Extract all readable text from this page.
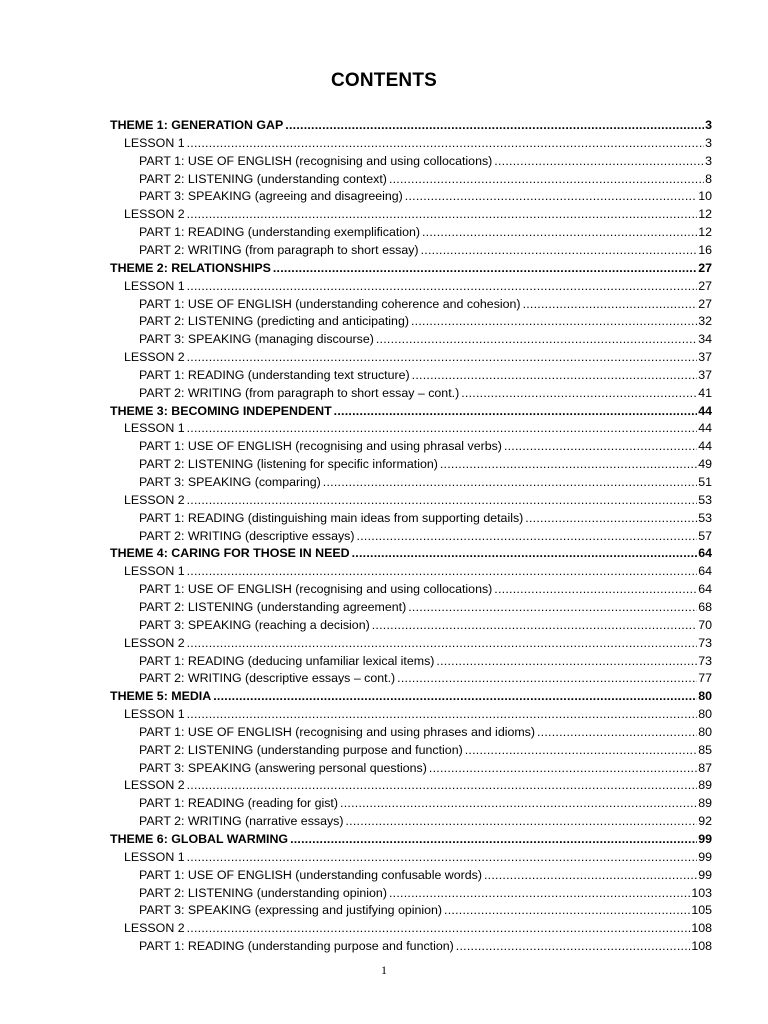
CONTENTS
THEME 1: GENERATION GAP . . .	3
LESSON 1 . . .	3
PART 1: USE OF ENGLISH (recognising and using collocations) . . .	3
PART 2: LISTENING (understanding context) . . .	8
PART 3: SPEAKING (agreeing and disagreeing) . . .	10
LESSON 2 . . .	12
PART 1: READING (understanding exemplification) . . .	12
PART 2: WRITING (from paragraph to short essay) . . .	16
THEME 2: RELATIONSHIPS . . .	27
LESSON 1 . . .	27
PART 1: USE OF ENGLISH (understanding coherence and cohesion) . . .	27
PART 2: LISTENING (predicting and anticipating) . . .	32
PART 3: SPEAKING (managing discourse) . . .	34
LESSON 2 . . .	37
PART 1: READING (understanding text structure) . . .	37
PART 2: WRITING (from paragraph to short essay – cont.) . . .	41
THEME 3: BECOMING INDEPENDENT . . .	44
LESSON 1 . . .	44
PART 1: USE OF ENGLISH (recognising and using phrasal verbs) . . .	44
PART 2: LISTENING (listening for specific information) . . .	49
PART 3: SPEAKING (comparing) . . .	51
LESSON 2 . . .	53
PART 1: READING (distinguishing main ideas from supporting details) . . .	53
PART 2: WRITING (descriptive essays) . . .	57
THEME 4: CARING FOR THOSE IN NEED . . .	64
LESSON 1 . . .	64
PART 1: USE OF ENGLISH (recognising and using collocations) . . .	64
PART 2: LISTENING (understanding agreement) . . .	68
PART 3: SPEAKING (reaching a decision) . . .	70
LESSON 2 . . .	73
PART 1: READING (deducing unfamiliar lexical items) . . .	73
PART 2: WRITING (descriptive essays – cont.) . . .	77
THEME 5: MEDIA . . .	80
LESSON 1 . . .	80
PART 1: USE OF ENGLISH (recognising and using phrases and idioms) . . .	80
PART 2: LISTENING (understanding purpose and function) . . .	85
PART 3: SPEAKING (answering personal questions) . . .	87
LESSON 2 . . .	89
PART 1: READING (reading for gist) . . .	89
PART 2: WRITING (narrative essays) . . .	92
THEME 6: GLOBAL WARMING . . .	99
LESSON 1 . . .	99
PART 1: USE OF ENGLISH (understanding confusable words) . . .	99
PART 2: LISTENING (understanding opinion) . . .	103
PART 3: SPEAKING (expressing and justifying opinion) . . .	105
LESSON 2 . . .	108
PART 1: READING (understanding purpose and function) . . .	108
1
